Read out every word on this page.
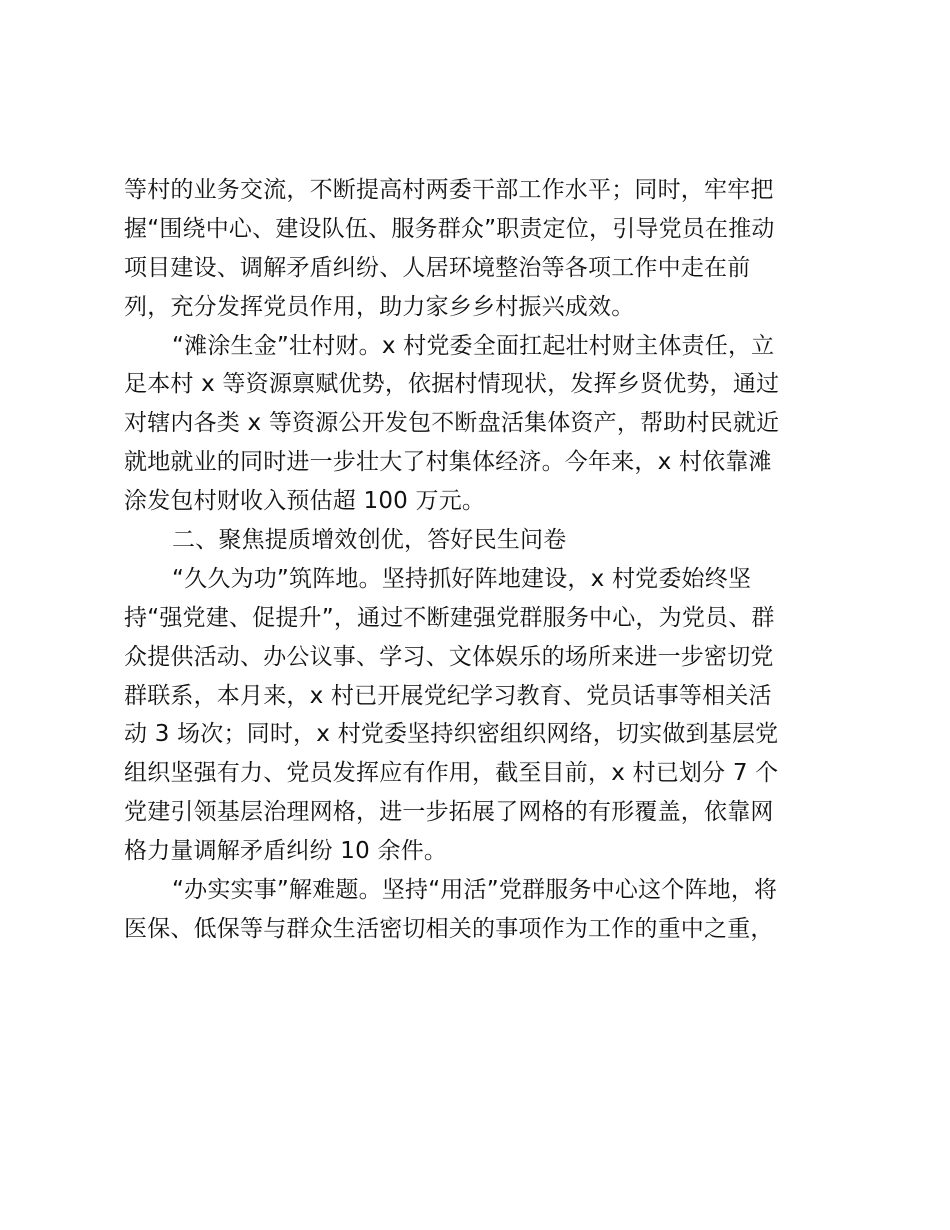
等村的业务交流，不断提高村两委干部工作水平；同时，牢牢把
握“围绕中心、建设队伍、服务群众”职责定位，引导党员在推动
项目建设、调解矛盾纠纷、人居环境整治等各项工作中走在前
列，充分发挥党员作用，助力家乡乡村振兴成效。
“滩涂生金”壮村财。x 村党委全面扛起壮村财主体责任，立
足本村 x 等资源禀赋优势，依据村情现状，发挥乡贤优势，通过
对辖内各类 x 等资源公开发包不断盘活集体资产，帮助村民就近
就地就业的同时进一步壮大了村集体经济。今年来，x 村依靠滩
涂发包村财收入预估超 100 万元。
二、聚焦提质增效创优，答好民生问卷
“久久为功”筑阵地。坚持抓好阵地建设，x 村党委始终坚
持“强党建、促提升”，通过不断建强党群服务中心，为党员、群
众提供活动、办公议事、学习、文体娱乐的场所来进一步密切党
群联系，本月来，x 村已开展党纪学习教育、党员话事等相关活
动 3 场次；同时，x 村党委坚持织密组织网络，切实做到基层党
组织坚强有力、党员发挥应有作用，截至目前，x 村已划分 7 个
党建引领基层治理网格，进一步拓展了网格的有形覆盖，依靠网
格力量调解矛盾纠纷 10 余件。
“办实实事”解难题。坚持“用活”党群服务中心这个阵地，将
医保、低保等与群众生活密切相关的事项作为工作的重中之重，
